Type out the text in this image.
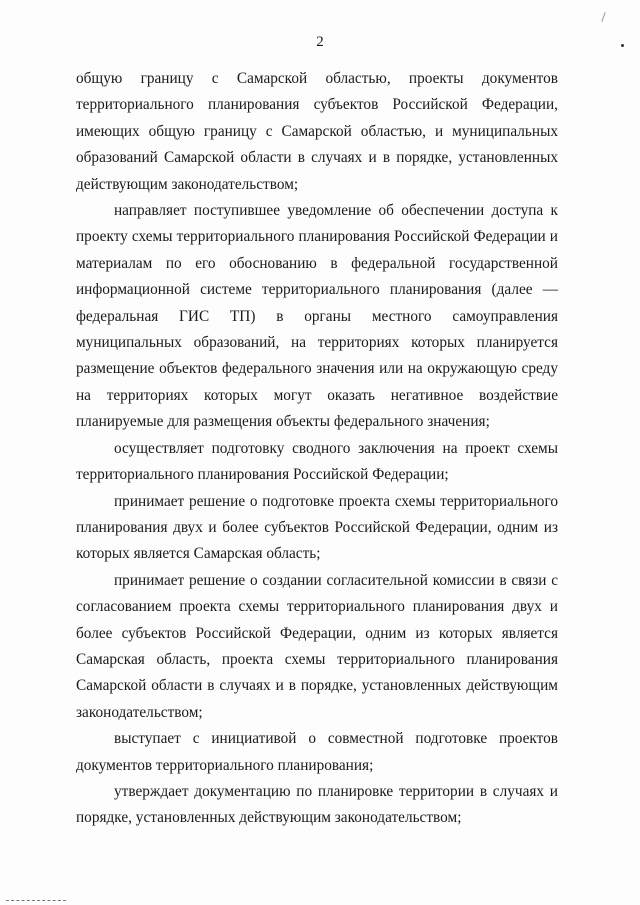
2

общую границу с Самарской областью, проекты документов территориального планирования субъектов Российской Федерации, имеющих общую границу с Самарской областью, и муниципальных образований Самарской области в случаях и в порядке, установленных действующим законодательством;

направляет поступившее уведомление об обеспечении доступа к проекту схемы территориального планирования Российской Федерации и материалам по его обоснованию в федеральной государственной информационной системе территориального планирования (далее — федеральная ГИС ТП) в органы местного самоуправления муниципальных образований, на территориях которых планируется размещение объектов федерального значения или на окружающую среду на территориях которых могут оказать негативное воздействие планируемые для размещения объекты федерального значения;

осуществляет подготовку сводного заключения на проект схемы территориального планирования Российской Федерации;

принимает решение о подготовке проекта схемы территориального планирования двух и более субъектов Российской Федерации, одним из которых является Самарская область;

принимает решение о создании согласительной комиссии в связи с согласованием проекта схемы территориального планирования двух и более субъектов Российской Федерации, одним из которых является Самарская область, проекта схемы территориального планирования Самарской области в случаях и в порядке, установленных действующим законодательством;

выступает с инициативой о совместной подготовке проектов документов территориального планирования;

утверждает документацию по планировке территории в случаях и порядке, установленных действующим законодательством;
